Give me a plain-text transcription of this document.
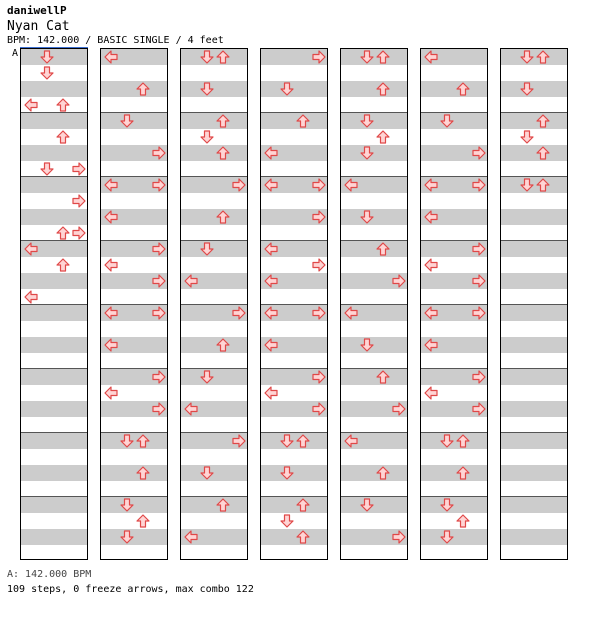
daniwellP
Nyan Cat
BPM: 142.000 / BASIC SINGLE / 4 feet
A
A: 142.000 BPM
109 steps, 0 freeze arrows, max combo 122
